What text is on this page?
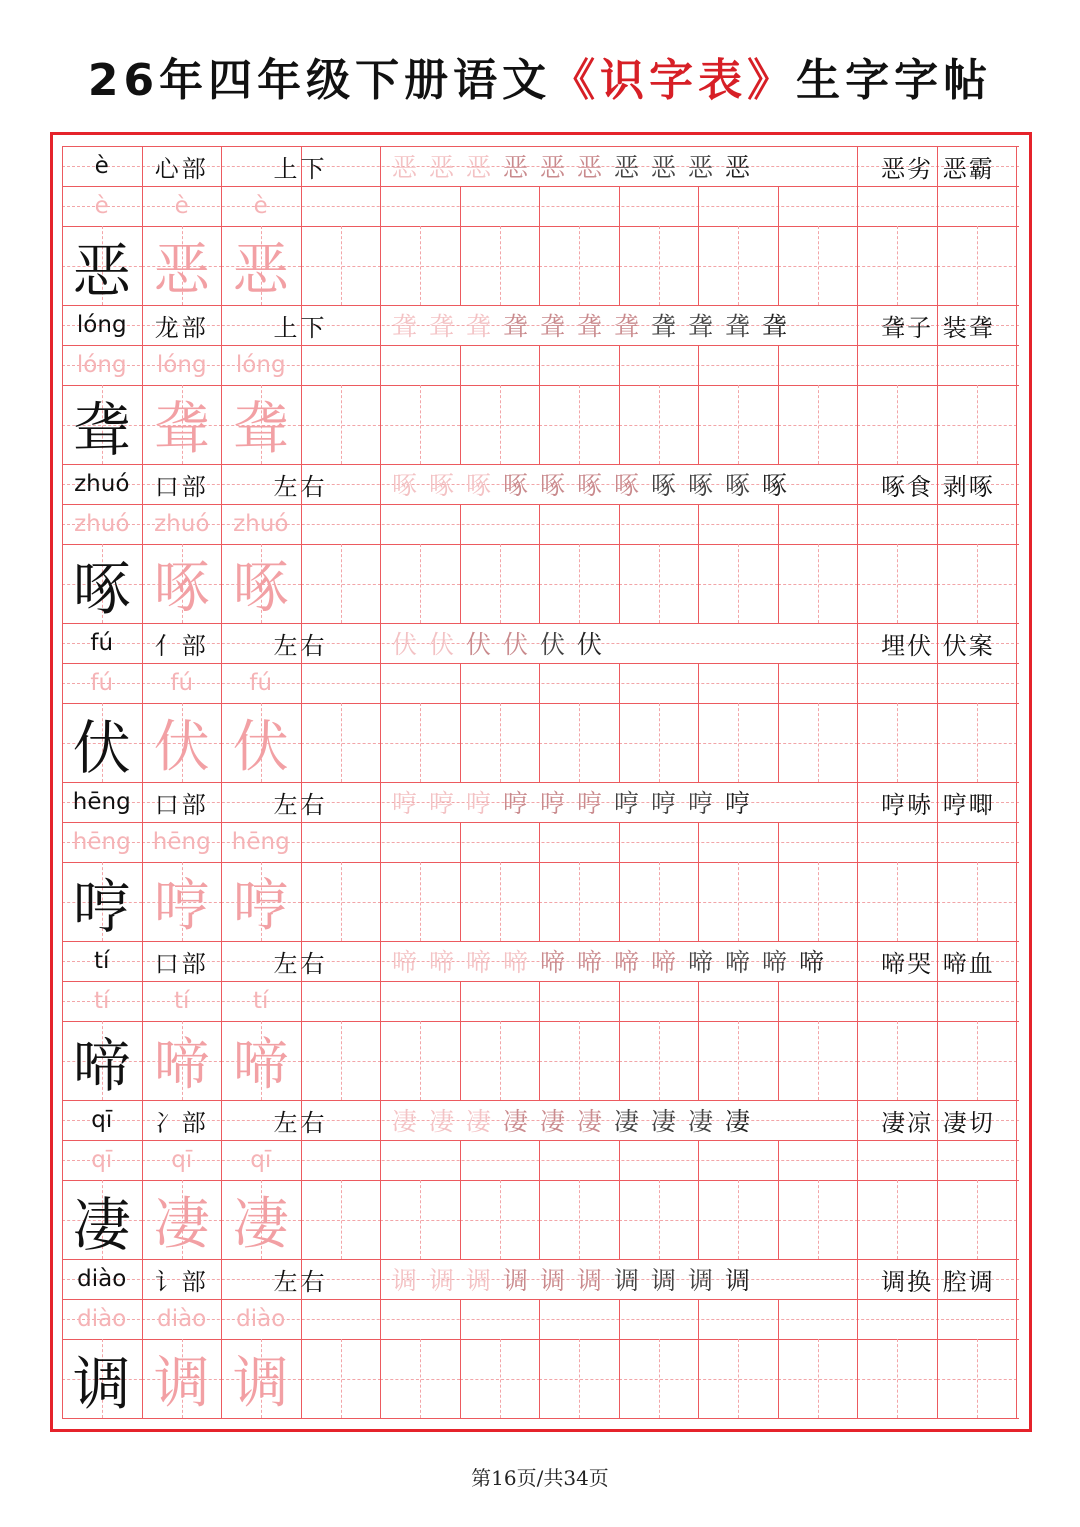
26年四年级下册语文《识字表》生字字帖
è	心部	上下	恶 恶 恶 恶 恶 恶 恶 恶 恶 恶	恶劣 恶霸
è	è	è
恶 恶 恶
lóng	龙部	上下	聋 聋 聋 聋 聋 聋 聋 聋 聋 聋 聋	聋子 装聋
lóng	lóng	lóng
聋 聋 聋
zhuó	口部	左右	啄 啄 啄 啄 啄 啄 啄 啄 啄 啄 啄	啄食 剥啄
zhuó	zhuó	zhuó
啄 啄 啄
fú	亻部	左右	伏 伏 伏 伏 伏 伏	埋伏 伏案
fú	fú	fú
伏 伏 伏
hēng	口部	左右	哼 哼 哼 哼 哼 哼 哼 哼 哼 哼	哼哧 哼唧
hēng hēng hēng
哼 哼 哼
tí	口部	左右	啼 啼 啼 啼 啼 啼 啼 啼 啼 啼 啼 啼	啼哭 啼血
tí	tí	tí
啼 啼 啼
qī	冫部	左右	凄 凄 凄 凄 凄 凄 凄 凄 凄 凄	凄凉 凄切
qī	qī	qī
凄 凄 凄
diào	讠部	左右	调 调 调 调 调 调 调 调 调 调	调换 腔调
diào	diào	diào
调 调 调
第16页/共34页
